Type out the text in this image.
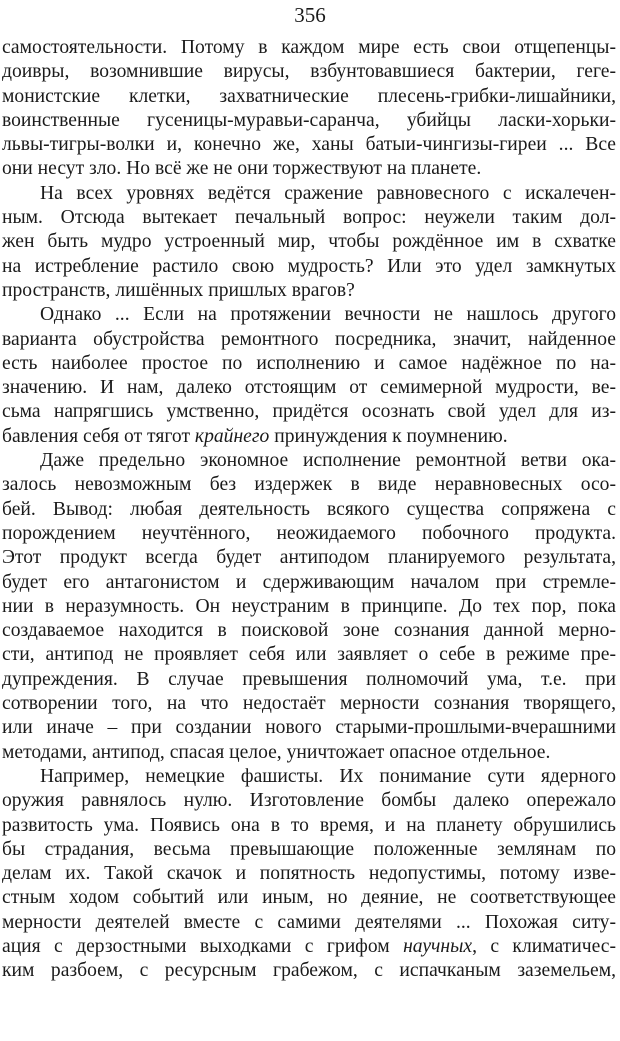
356
самостоятельности. Потому в каждом мире есть свои отщепенцы-
доивры, возомнившие вирусы, взбунтовавшиеся бактерии, геге-
монистские клетки, захватнические плесень-грибки-лишайники,
воинственные гусеницы-муравьи-саранча, убийцы ласки-хорьки-
львы-тигры-волки и, конечно же, ханы батыи-чингизы-гиреи ... Все
они несут зло. Но всё же не они торжествуют на планете.
На всех уровнях ведётся сражение равновесного с искалечен-
ным. Отсюда вытекает печальный вопрос: неужели таким дол-
жен быть мудро устроенный мир, чтобы рождённое им в схватке
на истребление растило свою мудрость? Или это удел замкнутых
пространств, лишённых пришлых врагов?
Однако ... Если на протяжении вечности не нашлось другого
варианта обустройства ремонтного посредника, значит, найденное
есть наиболее простое по исполнению и самое надёжное по на-
значению. И нам, далеко отстоящим от семимерной мудрости, ве-
сьма напрягшись умственно, придётся осознать свой удел для из-
бавления себя от тягот крайнего принуждения к поумнению.
Даже предельно экономное исполнение ремонтной ветви ока-
залось невозможным без издержек в виде неравновесных осо-
бей. Вывод: любая деятельность всякого существа сопряжена с
порождением неучтённого, неожидаемого побочного продукта.
Этот продукт всегда будет антиподом планируемого результата,
будет его антагонистом и сдерживающим началом при стремле-
нии в неразумность. Он неустраним в принципе. До тех пор, пока
создаваемое находится в поисковой зоне сознания данной мерно-
сти, антипод не проявляет себя или заявляет о себе в режиме пре-
дупреждения. В случае превышения полномочий ума, т.е. при
сотворении того, на что недостаёт мерности сознания творящего,
или иначе – при создании нового старыми-прошлыми-вчерашними
методами, антипод, спасая целое, уничтожает опасное отдельное.
Например, немецкие фашисты. Их понимание сути ядерного
оружия равнялось нулю. Изготовление бомбы далеко опережало
развитость ума. Появись она в то время, и на планету обрушились
бы страдания, весьма превышающие положенные землянам по
делам их. Такой скачок и попятность недопустимы, потому изве-
стным ходом событий или иным, но деяние, не соответствующее
мерности деятелей вместе с самими деятелями ... Похожая ситу-
ация с дерзостными выходками с грифом научных, с климатичес-
ким разбоем, с ресурсным грабежом, с испачканым заземельем,
